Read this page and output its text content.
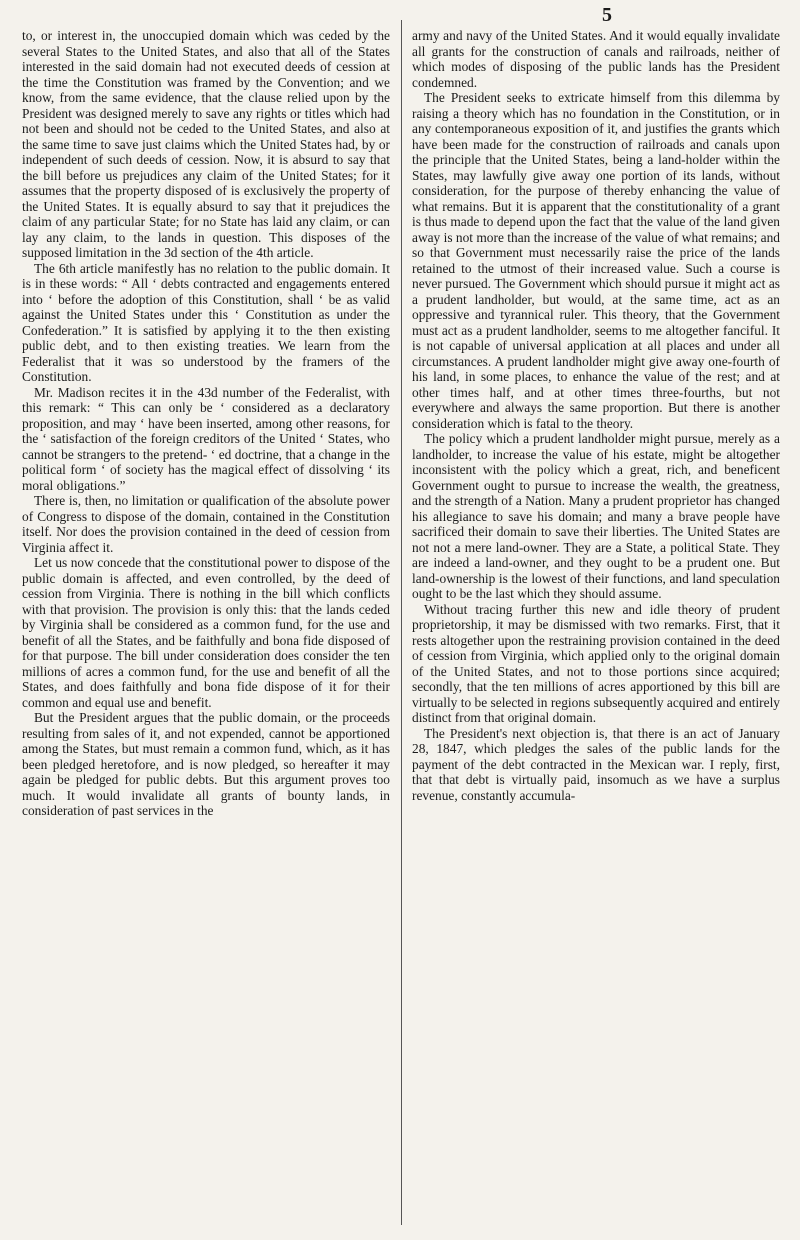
5

to, or interest in, the unoccupied domain which was ceded by the several States to the United States, and also that all of the States interested in the said domain had not executed deeds of cession at the time the Constitution was framed by the Convention; and we know, from the same evidence, that the clause relied upon by the President was designed merely to save any rights or titles which had not been and should not be ceded to the United States, and also at the same time to save just claims which the United States had, by or independent of such deeds of cession. Now, it is absurd to say that the bill before us prejudices any claim of the United States; for it assumes that the property disposed of is exclusively the property of the United States. It is equally absurd to say that it prejudices the claim of any particular State; for no State has laid any claim, or can lay any claim, to the lands in question. This disposes of the supposed limitation in the 3d section of the 4th article.

The 6th article manifestly has no relation to the public domain. It is in these words: “ All ‘ debts contracted and engagements entered into ‘ before the adoption of this Constitution, shall ‘ be as valid against the United States under this ‘ Constitution as under the Confederation.” It is satisfied by applying it to the then existing public debt, and to then existing treaties. We learn from the Federalist that it was so understood by the framers of the Constitution.

Mr. Madison recites it in the 43d number of the Federalist, with this remark: “ This can only be ‘ considered as a declaratory proposition, and may ‘ have been inserted, among other reasons, for the ‘ satisfaction of the foreign creditors of the United ‘ States, who cannot be strangers to the pretend- ‘ ed doctrine, that a change in the political form ‘ of society has the magical effect of dissolving ‘ its moral obligations.”

There is, then, no limitation or qualification of the absolute power of Congress to dispose of the domain, contained in the Constitution itself. Nor does the provision contained in the deed of cession from Virginia affect it.

Let us now concede that the constitutional power to dispose of the public domain is affected, and even controlled, by the deed of cession from Virginia. There is nothing in the bill which conflicts with that provision. The provision is only this: that the lands ceded by Virginia shall be considered as a common fund, for the use and benefit of all the States, and be faithfully and bona fide disposed of for that purpose. The bill under consideration does consider the ten millions of acres a common fund, for the use and benefit of all the States, and does faithfully and bona fide dispose of it for their common and equal use and benefit.

But the President argues that the public domain, or the proceeds resulting from sales of it, and not expended, cannot be apportioned among the States, but must remain a common fund, which, as it has been pledged heretofore, and is now pledged, so hereafter it may again be pledged for public debts. But this argument proves too much. It would invalidate all grants of bounty lands, in consideration of past services in the

army and navy of the United States. And it would equally invalidate all grants for the construction of canals and railroads, neither of which modes of disposing of the public lands has the President condemned.

The President seeks to extricate himself from this dilemma by raising a theory which has no foundation in the Constitution, or in any contemporaneous exposition of it, and justifies the grants which have been made for the construction of railroads and canals upon the principle that the United States, being a land-holder within the States, may lawfully give away one portion of its lands, without consideration, for the purpose of thereby enhancing the value of what remains. But it is apparent that the constitutionality of a grant is thus made to depend upon the fact that the value of the land given away is not more than the increase of the value of what remains; and so that Government must necessarily raise the price of the lands retained to the utmost of their increased value. Such a course is never pursued. The Government which should pursue it might act as a prudent landholder, but would, at the same time, act as an oppressive and tyrannical ruler. This theory, that the Government must act as a prudent landholder, seems to me altogether fanciful. It is not capable of universal application at all places and under all circumstances. A prudent landholder might give away one-fourth of his land, in some places, to enhance the value of the rest; and at other times half, and at other times three-fourths, but not everywhere and always the same proportion. But there is another consideration which is fatal to the theory.

The policy which a prudent landholder might pursue, merely as a landholder, to increase the value of his estate, might be altogether inconsistent with the policy which a great, rich, and beneficent Government ought to pursue to increase the wealth, the greatness, and the strength of a Nation. Many a prudent proprietor has changed his allegiance to save his domain; and many a brave people have sacrificed their domain to save their liberties. The United States are not not a mere land-owner. They are a State, a political State. They are indeed a land-owner, and they ought to be a prudent one. But land-ownership is the lowest of their functions, and land speculation ought to be the last which they should assume.

Without tracing further this new and idle theory of prudent proprietorship, it may be dismissed with two remarks. First, that it rests altogether upon the restraining provision contained in the deed of cession from Virginia, which applied only to the original domain of the United States, and not to those portions since acquired; secondly, that the ten millions of acres apportioned by this bill are virtually to be selected in regions subsequently acquired and entirely distinct from that original domain.

The President's next objection is, that there is an act of January 28, 1847, which pledges the sales of the public lands for the payment of the debt contracted in the Mexican war. I reply, first, that that debt is virtually paid, insomuch as we have a surplus revenue, constantly accumula-
